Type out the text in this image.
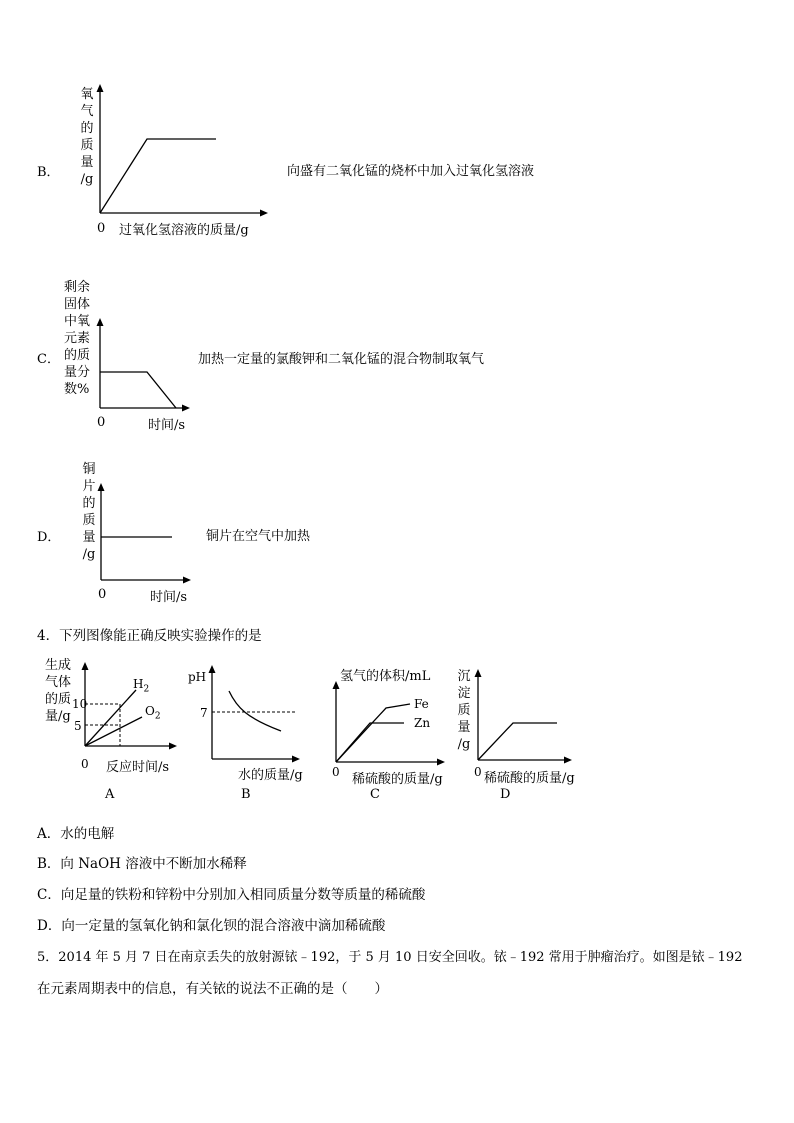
B．
氧
气
的
质
量
/g
0 过氧化氢溶液的质量/g
向盛有二氧化锰的烧杯中加入过氧化氢溶液
C．
剩余
固体
中氧
元素
的质
量分
数%
0	时间/s
加热一定量的氯酸钾和二氧化锰的混合物制取氧气
D．
铜
片
的
质
量
/g
0	时间/s
铜片在空气中加热
4．下列图像能正确反映实验操作的是
生成
气体
的质
量/g
10
5
$H_2$
$O_2$
0 反应时间/s
A
pH
7
水的质量/g
B
氢气的体积/mL
Fe
Zn
0 稀硫酸的质量/g
C
沉
淀
质
量
/g
0 稀硫酸的质量/g
D
A．水的电解
B．向 NaOH 溶液中不断加水稀释
C．向足量的铁粉和锌粉中分别加入相同质量分数等质量的稀硫酸
D．向一定量的氢氧化钠和氯化钡的混合溶液中滴加稀硫酸
5．2014 年 5 月 7 日在南京丢失的放射源铱﹣192，于 5 月 10 日安全回收。铱﹣192 常用于肿瘤治疗。如图是铱﹣192
在元素周期表中的信息，有关铱的说法不正确的是（　　）
